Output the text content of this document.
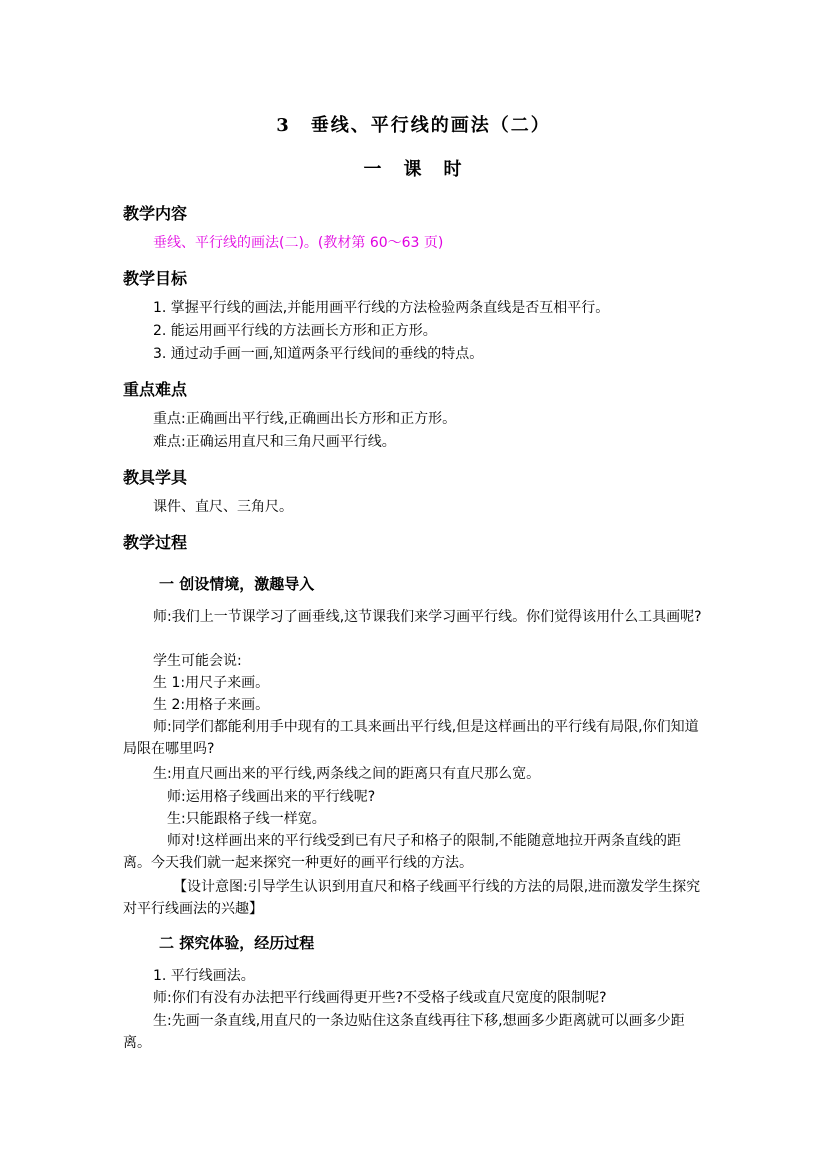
3　垂线、平行线的画法（二）
一　课　时
教学内容
垂线、平行线的画法(二)。(教材第 60～63 页)
教学目标
1. 掌握平行线的画法,并能用画平行线的方法检验两条直线是否互相平行。
2. 能运用画平行线的方法画长方形和正方形。
3. 通过动手画一画,知道两条平行线间的垂线的特点。
重点难点
重点:正确画出平行线,正确画出长方形和正方形。
难点:正确运用直尺和三角尺画平行线。
教具学具
课件、直尺、三角尺。
教学过程
一 创设情境，激趣导入
师:我们上一节课学习了画垂线,这节课我们来学习画平行线。你们觉得该用什么工具画呢?
学生可能会说:
生 1:用尺子来画。
生 2:用格子来画。
师:同学们都能利用手中现有的工具来画出平行线,但是这样画出的平行线有局限,你们知道局限在哪里吗?
生:用直尺画出来的平行线,两条线之间的距离只有直尺那么宽。
师:运用格子线画出来的平行线呢?
生:只能跟格子线一样宽。
师对!这样画出来的平行线受到已有尺子和格子的限制,不能随意地拉开两条直线的距离。今天我们就一起来探究一种更好的画平行线的方法。
【设计意图:引导学生认识到用直尺和格子线画平行线的方法的局限,进而激发学生探究对平行线画法的兴趣】
二 探究体验，经历过程
1. 平行线画法。
师:你们有没有办法把平行线画得更开些?不受格子线或直尺宽度的限制呢?
生:先画一条直线,用直尺的一条边贴住这条直线再往下移,想画多少距离就可以画多少距离。
